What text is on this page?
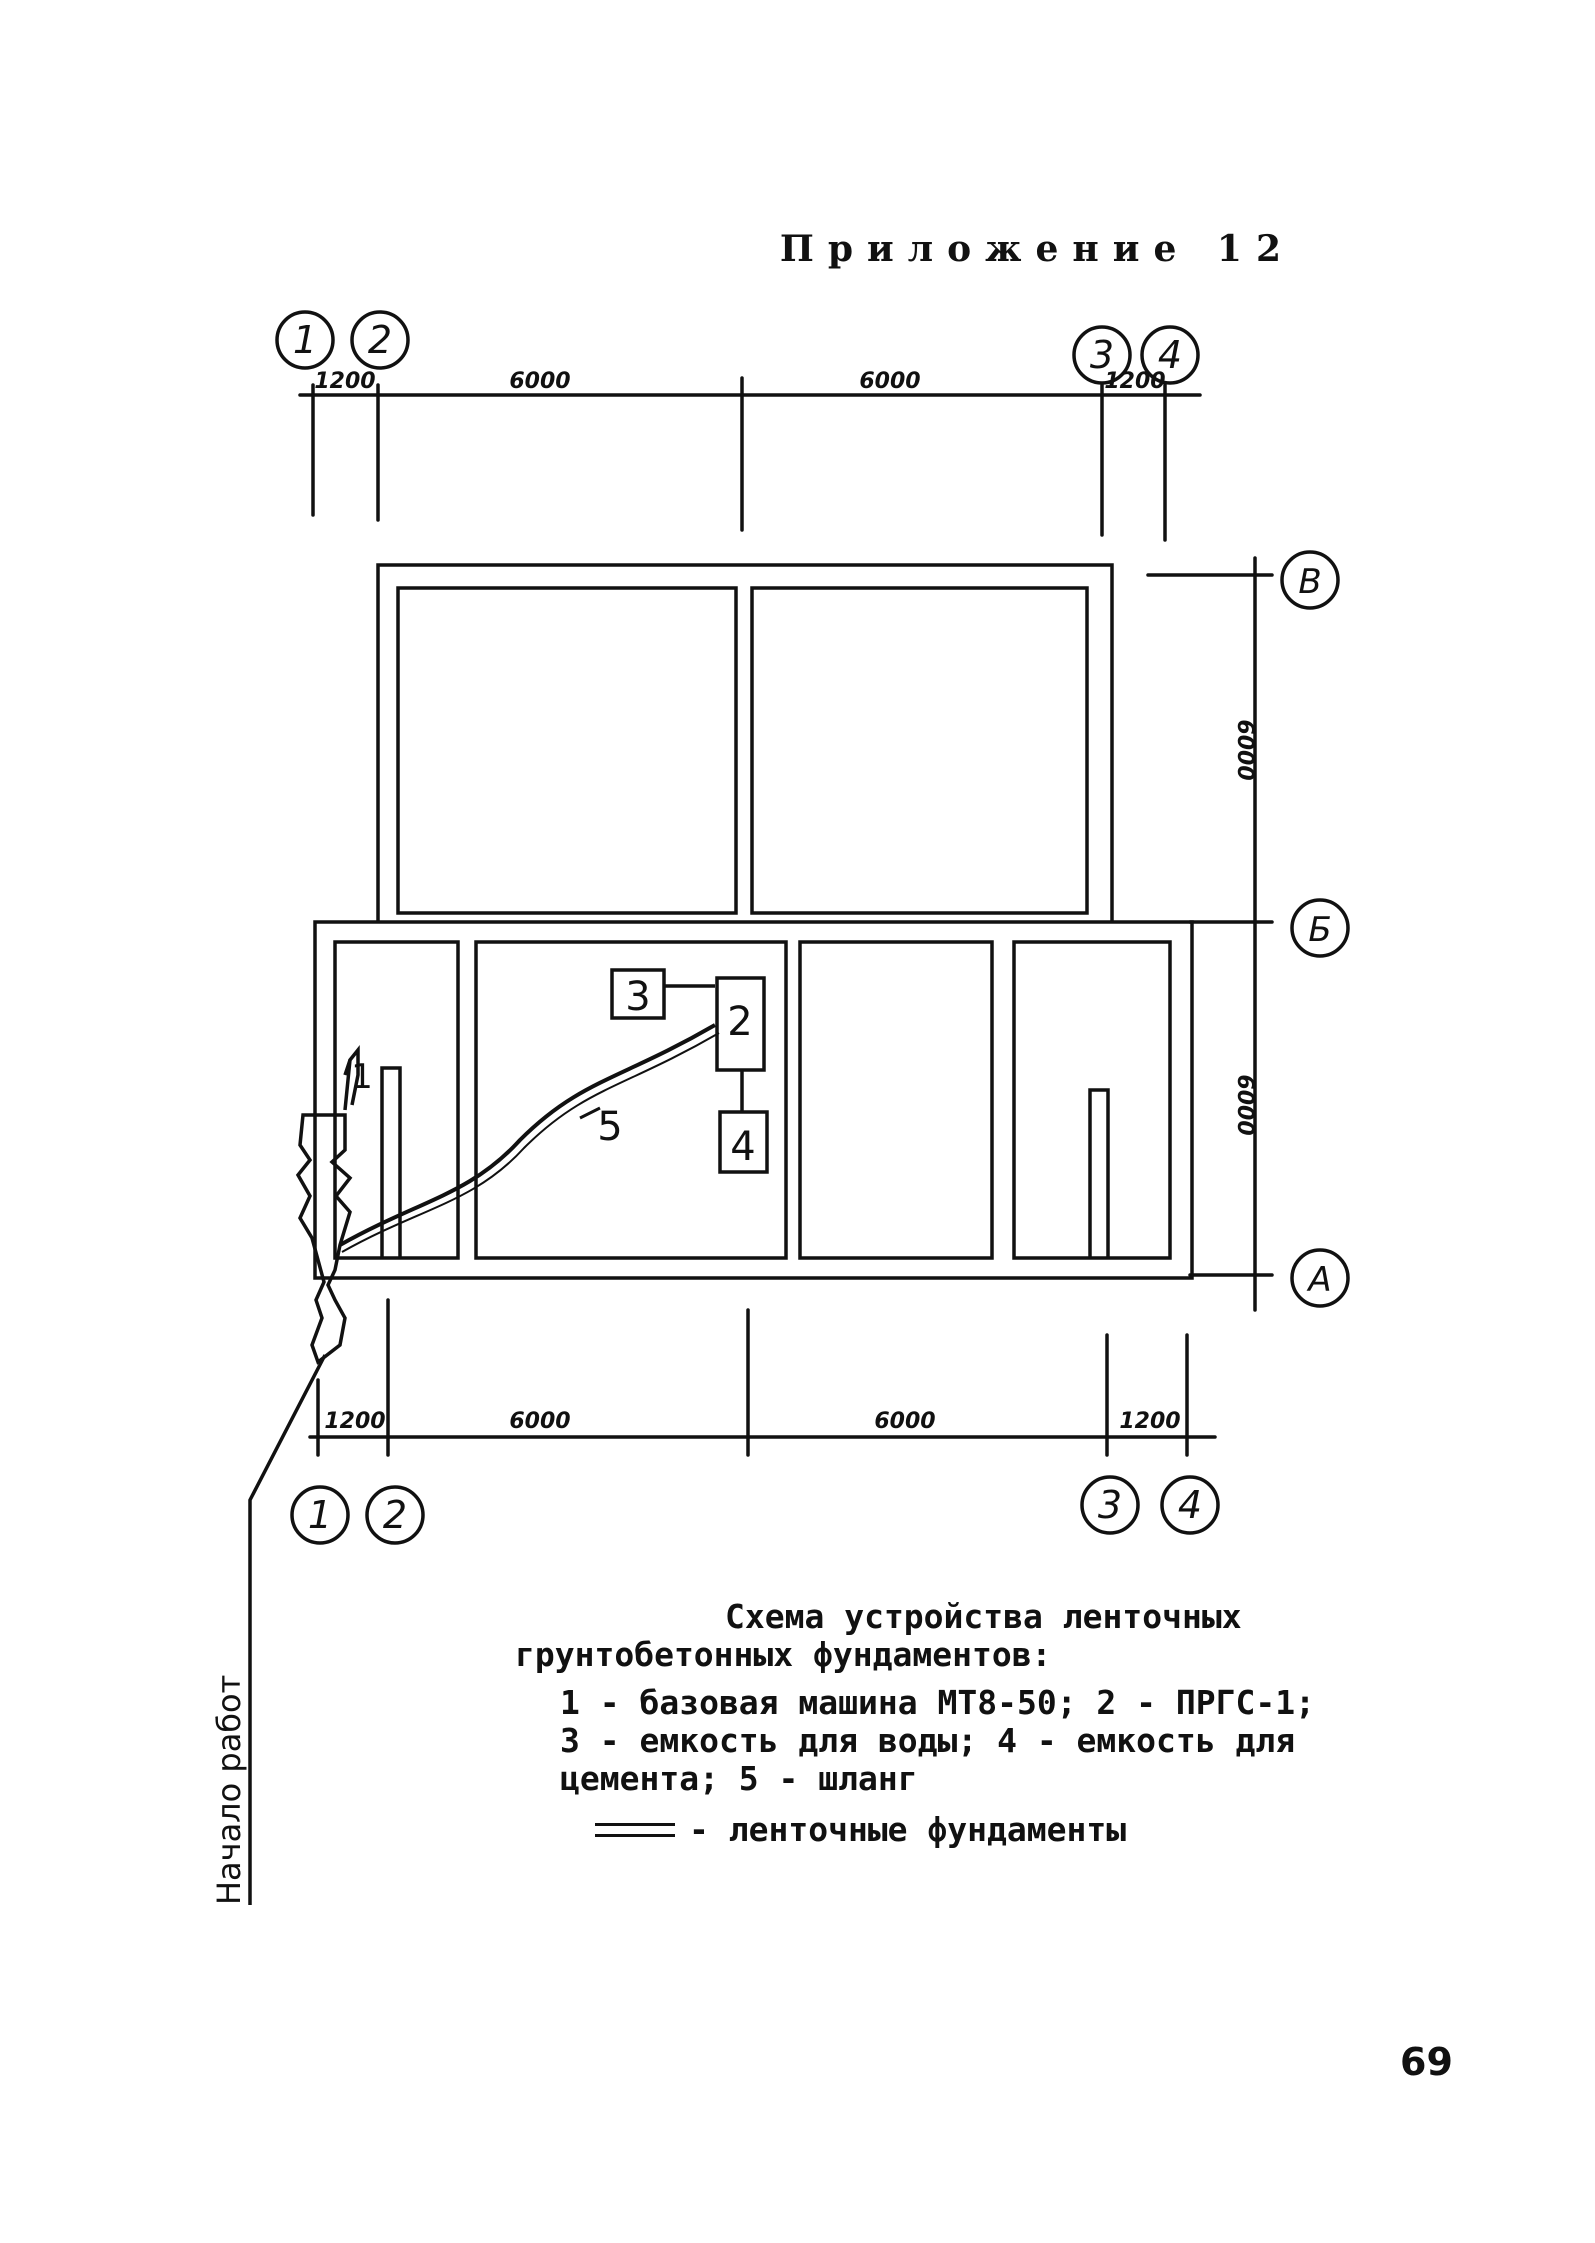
Приложение 12
1 2	3 4
В
Б
А
1 2	3 4
1200	6000	6000	1200
1200	6000	6000	1200
6000
6000
1
2
3
4
5
Начало работ
Схема устройства ленточных
грунтобетонных фундаментов:
1 - базовая машина МТ8-50; 2 - ПРГС-1; 3 - емкость для воды; 4 - емкость для цемента; 5 - шланг
- ленточные фундаменты
69
